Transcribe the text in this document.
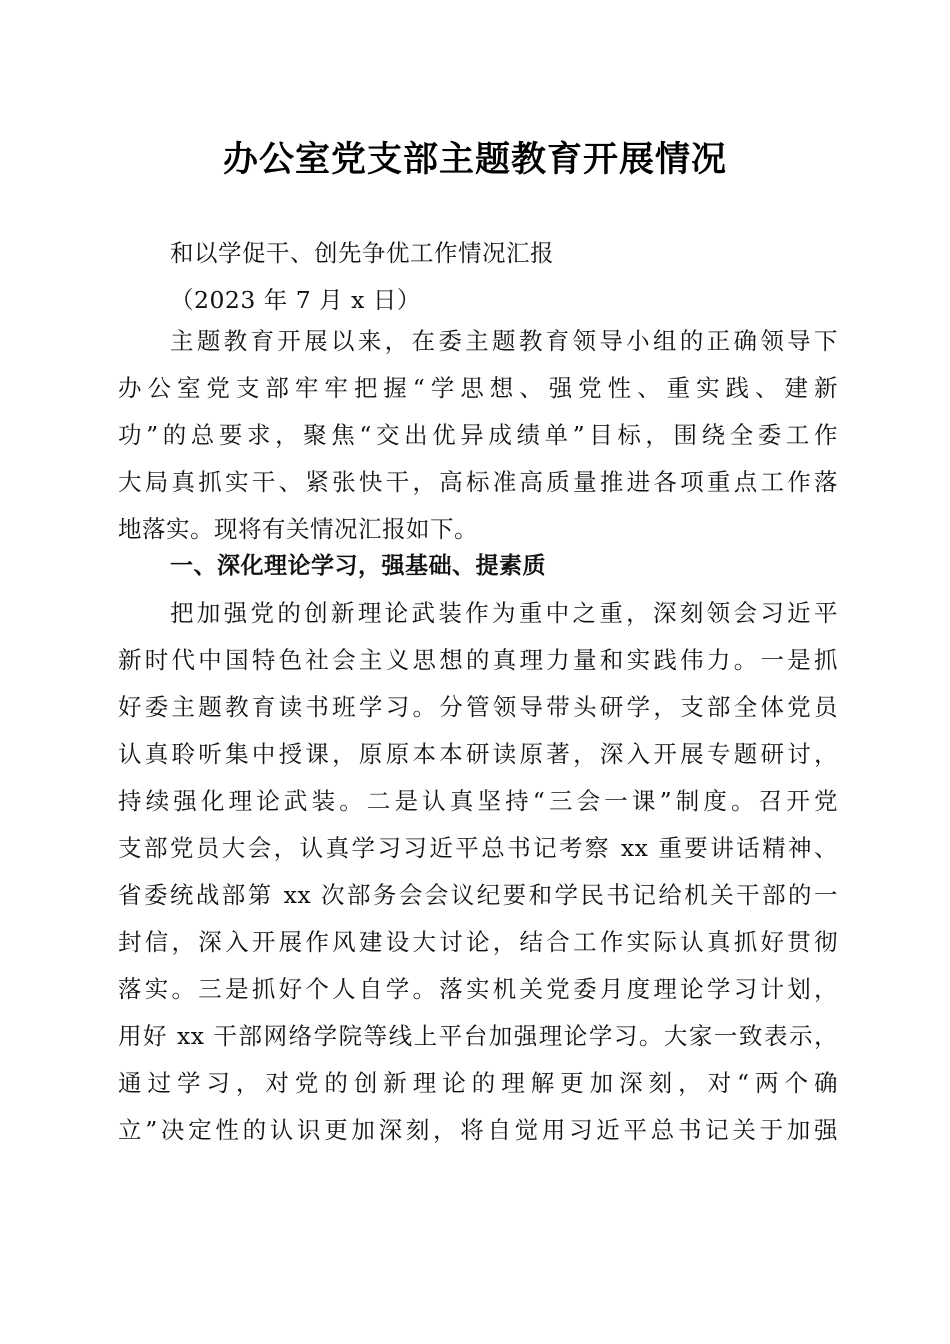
办公室党支部主题教育开展情况
和以学促干、创先争优工作情况汇报
（2023 年 7 月 x 日）
主题教育开展以来，在委主题教育领导小组的正确领导下
办公室党支部牢牢把握“学思想、强党性、重实践、建新
功”的总要求，聚焦“交出优异成绩单”目标，围绕全委工作
大局真抓实干、紧张快干，高标准高质量推进各项重点工作落
地落实。现将有关情况汇报如下。
一、深化理论学习，强基础、提素质
把加强党的创新理论武装作为重中之重，深刻领会习近平
新时代中国特色社会主义思想的真理力量和实践伟力。一是抓
好委主题教育读书班学习。分管领导带头研学，支部全体党员
认真聆听集中授课，原原本本研读原著，深入开展专题研讨，
持续强化理论武装。二是认真坚持“三会一课”制度。召开党
支部党员大会，认真学习习近平总书记考察 xx 重要讲话精神、
省委统战部第 xx 次部务会会议纪要和学民书记给机关干部的一
封信，深入开展作风建设大讨论，结合工作实际认真抓好贯彻
落实。三是抓好个人自学。落实机关党委月度理论学习计划，
用好 xx 干部网络学院等线上平台加强理论学习。大家一致表示，
通过学习，对党的创新理论的理解更加深刻，对“两个确
立”决定性的认识更加深刻，将自觉用习近平总书记关于加强
